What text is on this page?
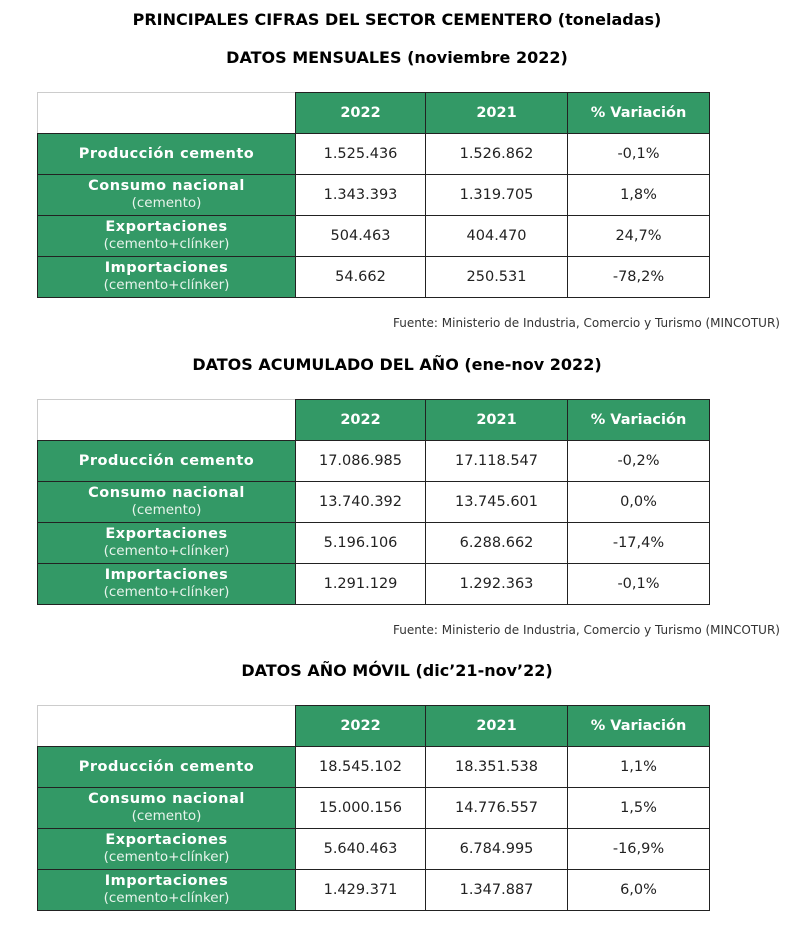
PRINCIPALES CIFRAS DEL SECTOR CEMENTERO (toneladas)
DATOS MENSUALES (noviembre 2022)
	2022	2021	% Variación

Producción cemento	1.525.436	1.526.862	-0,1%

Consumo nacional
(cemento)	1.343.393	1.319.705	1,8%

Exportaciones
(cemento+clínker)	504.463	404.470	24,7%

Importaciones
(cemento+clínker)	54.662	250.531	-78,2%
Fuente: Ministerio de Industria, Comercio y Turismo (MINCOTUR)
DATOS ACUMULADO DEL AÑO (ene-nov 2022)
	2022	2021	% Variación

Producción cemento	17.086.985	17.118.547	-0,2%

Consumo nacional
(cemento)	13.740.392	13.745.601	0,0%

Exportaciones
(cemento+clínker)	5.196.106	6.288.662	-17,4%

Importaciones
(cemento+clínker)	1.291.129	1.292.363	-0,1%
Fuente: Ministerio de Industria, Comercio y Turismo (MINCOTUR)
DATOS AÑO MÓVIL (dic’21-nov’22)
	2022	2021	% Variación

Producción cemento	18.545.102	18.351.538	1,1%

Consumo nacional
(cemento)	15.000.156	14.776.557	1,5%

Exportaciones
(cemento+clínker)	5.640.463	6.784.995	-16,9%

Importaciones
(cemento+clínker)	1.429.371	1.347.887	6,0%
